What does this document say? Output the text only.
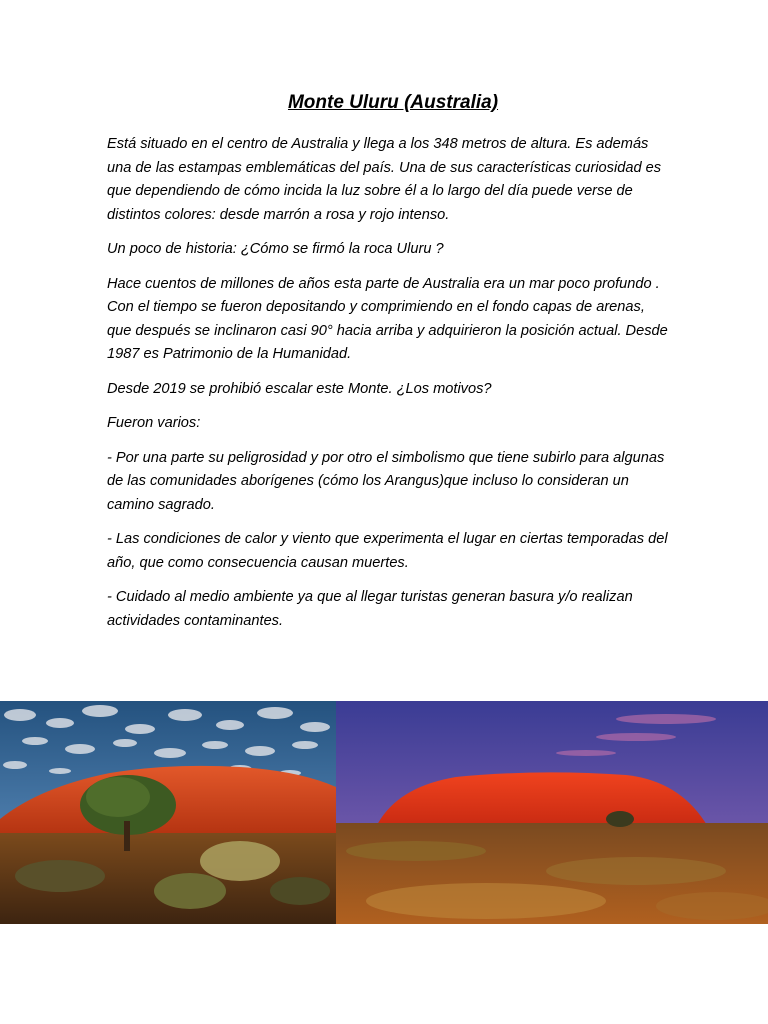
Monte Uluru (Australia)

Está situado en el centro de Australia y llega a los 348 metros de altura. Es además una de las estampas emblemáticas del país. Una de sus características curiosidad es que dependiendo de cómo incida la luz sobre él a lo largo del día puede verse de distintos colores: desde marrón a rosa y rojo intenso.

Un poco de historia: ¿Cómo se firmó la roca Uluru ?

Hace cuentos de millones de años esta parte de Australia era un mar poco profundo . Con el tiempo se fueron depositando y comprimiendo en el fondo capas de arenas, que después se inclinaron casi 90° hacia arriba y adquirieron la posición actual. Desde 1987 es Patrimonio de la Humanidad.

Desde 2019 se prohibió escalar este Monte. ¿Los motivos?

Fueron varios:

- Por una parte su peligrosidad y por otro el simbolismo que tiene subirlo para algunas de las comunidades aborígenes (cómo los Arangus)que incluso lo consideran un camino sagrado.

- Las condiciones de calor y viento que experimenta el lugar en ciertas temporadas del año, que como consecuencia causan muertes.

- Cuidado al medio ambiente ya que al llegar turistas generan basura y/o realizan actividades contaminantes.
